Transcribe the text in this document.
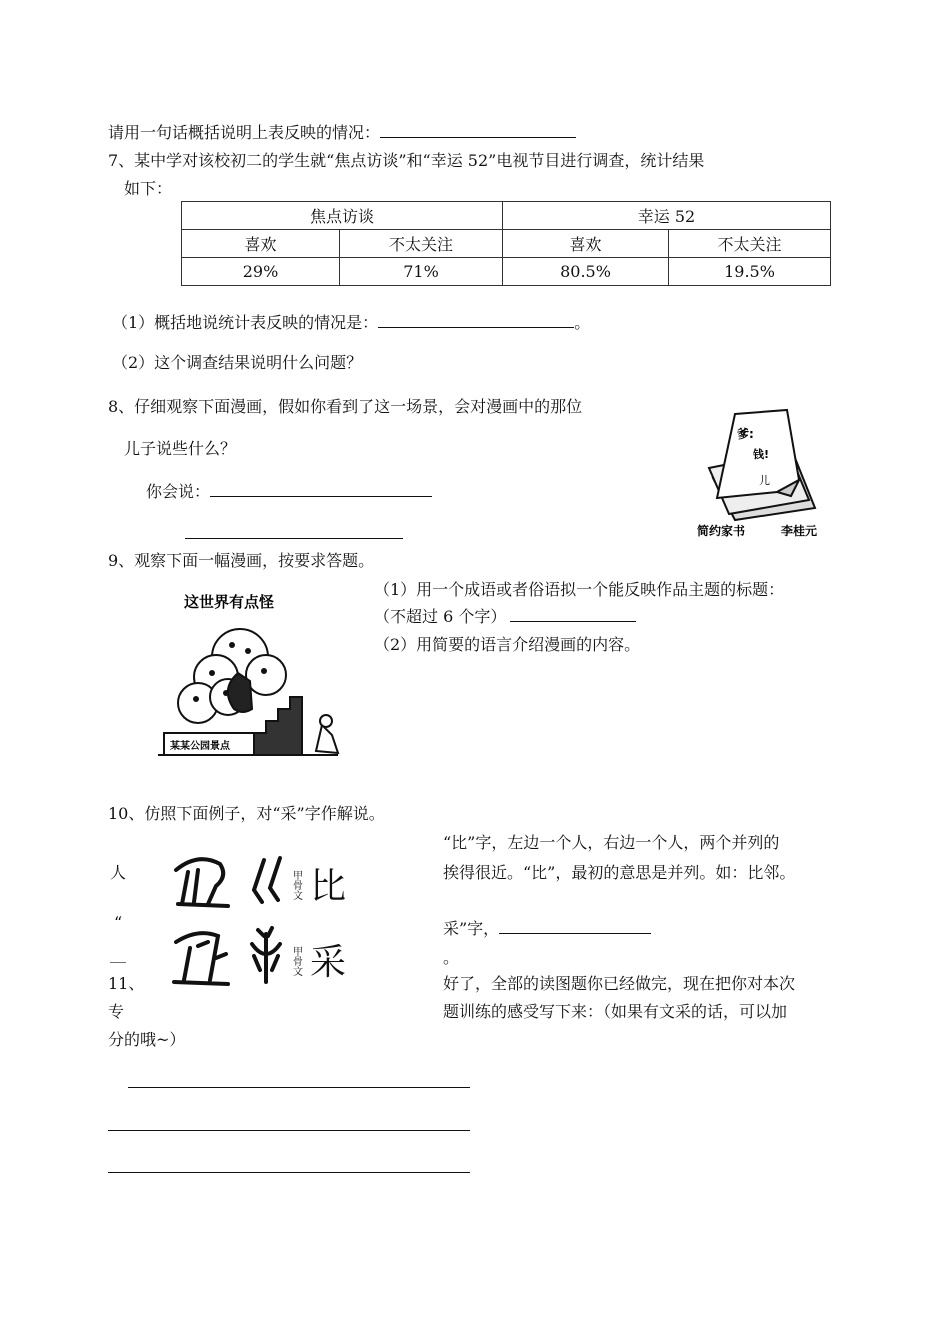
请用一句话概括说明上表反映的情况：
7、某中学对该校初二的学生就“焦点访谈”和“幸运 52”电视节目进行调查，统计结果
如下：
焦点访谈		幸运 52	
喜欢	不太关注	喜欢	不太关注
29%	71%	80.5%	19.5%
（1）概括地说统计表反映的情况是：	。
（2）这个调查结果说明什么问题？
8、仔细观察下面漫画，假如你看到了这一场景，会对漫画中的那位
儿子说些什么？
你会说：
爹:
钱!
儿
简约家书	李桂元
9、观察下面一幅漫画，按要求答题。
这世界有点怪
某某公园景点
（1）用一个成语或者俗语拟一个能反映作品主题的标题：
（不超过 6 个字）
（2）用简要的语言介绍漫画的内容。
10、仿照下面例子，对“采”字作解说。
人
“
__
11、
专
甲骨文 比
甲骨文 采
“比”字，左边一个人，右边一个人，两个并列的
挨得很近。“比”，最初的意思是并列。如：比邻。
采”字，
。
好了，全部的读图题你已经做完，现在把你对本次
题训练的感受写下来：（如果有文采的话，可以加
分的哦~）
